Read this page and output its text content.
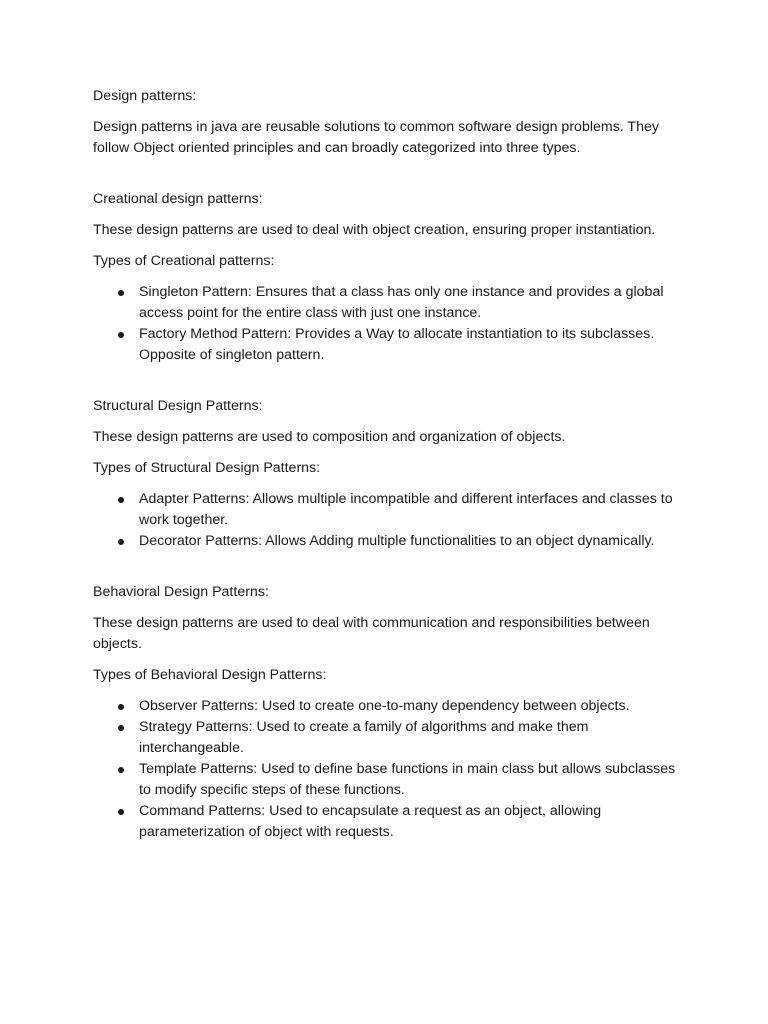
Design patterns:

Design patterns in java are reusable solutions to common software design problems. They follow Object oriented principles and can broadly categorized into three types.

Creational design patterns:

These design patterns are used to deal with object creation, ensuring proper instantiation.

Types of Creational patterns:

Singleton Pattern: Ensures that a class has only one instance and provides a global access point for the entire class with just one instance.
Factory Method Pattern: Provides a Way to allocate instantiation to its subclasses. Opposite of singleton pattern.

Structural Design Patterns:

These design patterns are used to composition and organization of objects.

Types of Structural Design Patterns:

Adapter Patterns: Allows multiple incompatible and different interfaces and classes to work together.
Decorator Patterns: Allows Adding multiple functionalities to an object dynamically.

Behavioral Design Patterns:

These design patterns are used to deal with communication and responsibilities between objects.

Types of Behavioral Design Patterns:

Observer Patterns: Used to create one-to-many dependency between objects.
Strategy Patterns: Used to create a family of algorithms and make them interchangeable.
Template Patterns: Used to define base functions in main class but allows subclasses to modify specific steps of these functions.
Command Patterns: Used to encapsulate a request as an object, allowing parameterization of object with requests.
